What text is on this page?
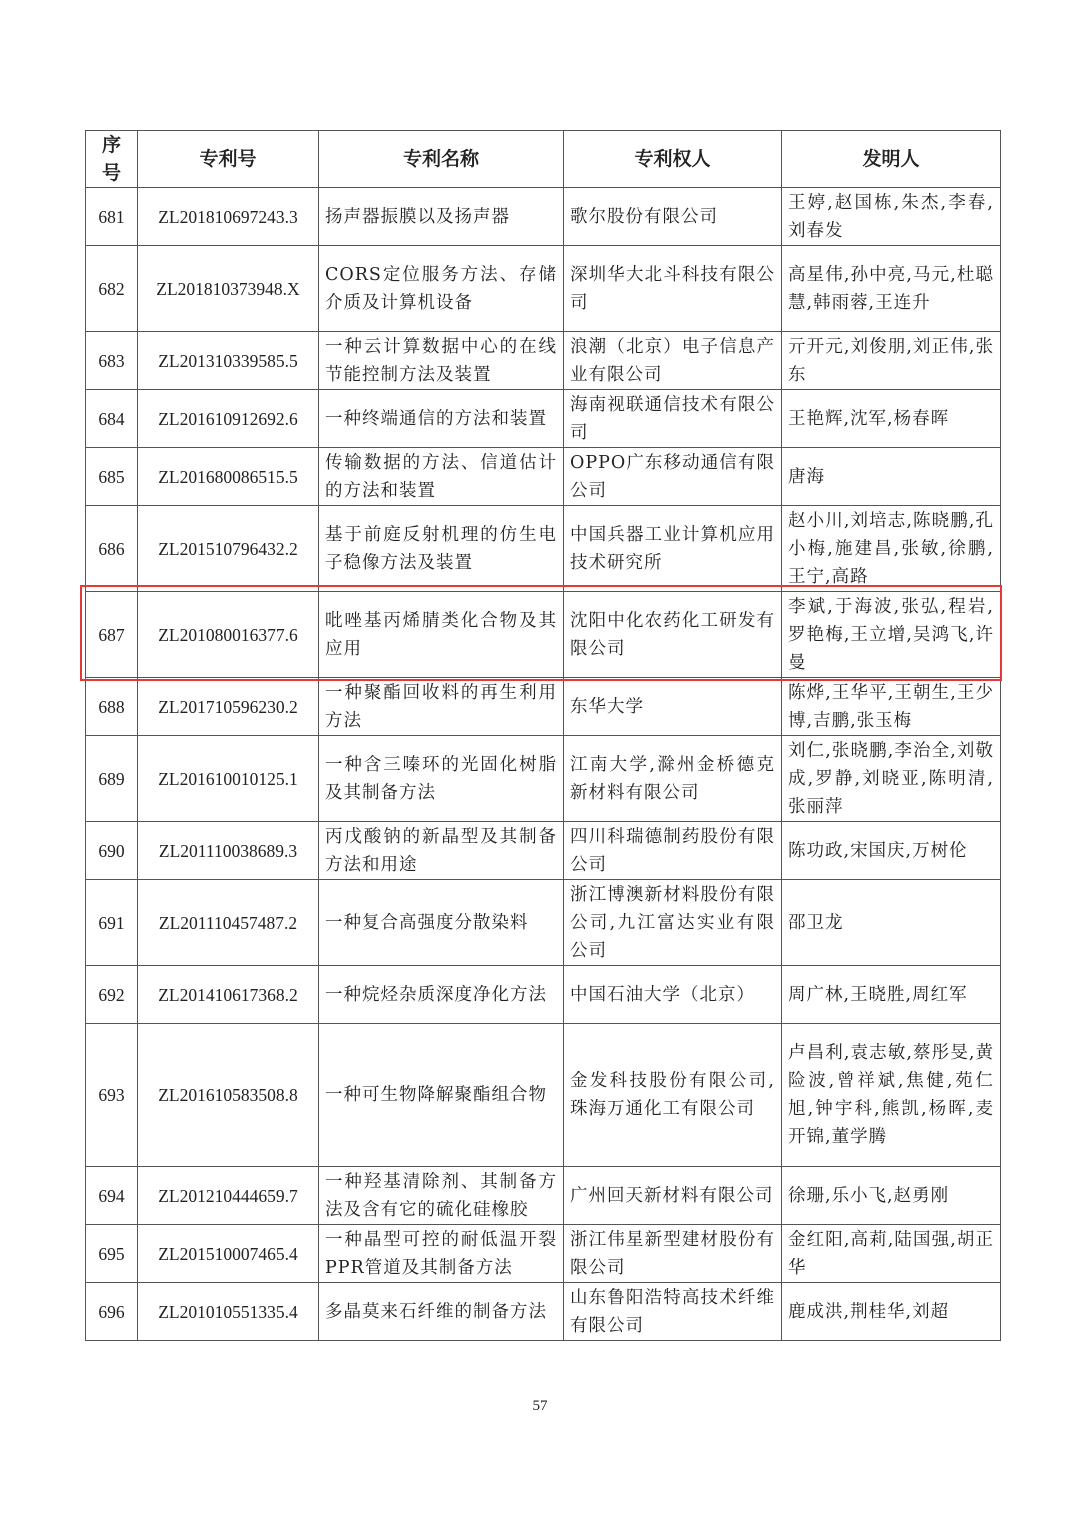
序
号	专利号	专利名称	专利权人	发明人
681	ZL201810697243.3	扬声器振膜以及扬声器	歌尔股份有限公司	王婷,赵国栋,朱杰,李春,刘春发
682	ZL201810373948.X	CORS定位服务方法、存储介质及计算机设备	深圳华大北斗科技有限公司	高星伟,孙中亮,马元,杜聪慧,韩雨蓉,王连升
683	ZL201310339585.5	一种云计算数据中心的在线节能控制方法及装置	浪潮（北京）电子信息产业有限公司	亓开元,刘俊朋,刘正伟,张东
684	ZL201610912692.6	一种终端通信的方法和装置	海南视联通信技术有限公司	王艳辉,沈军,杨春晖
685	ZL201680086515.5	传输数据的方法、信道估计的方法和装置	OPPO广东移动通信有限公司	唐海
686	ZL201510796432.2	基于前庭反射机理的仿生电子稳像方法及装置	中国兵器工业计算机应用技术研究所	赵小川,刘培志,陈晓鹏,孔小梅,施建昌,张敏,徐鹏,王宁,高路
687	ZL201080016377.6	吡唑基丙烯腈类化合物及其应用	沈阳中化农药化工研发有限公司	李斌,于海波,张弘,程岩,罗艳梅,王立增,吴鸿飞,许曼
688	ZL201710596230.2	一种聚酯回收料的再生利用方法	东华大学	陈烨,王华平,王朝生,王少博,吉鹏,张玉梅
689	ZL201610010125.1	一种含三嗪环的光固化树脂及其制备方法	江南大学,滁州金桥德克新材料有限公司	刘仁,张晓鹏,李治全,刘敬成,罗静,刘晓亚,陈明清,张丽萍
690	ZL201110038689.3	丙戊酸钠的新晶型及其制备方法和用途	四川科瑞德制药股份有限公司	陈功政,宋国庆,万树伦
691	ZL201110457487.2	一种复合高强度分散染料	浙江博澳新材料股份有限公司,九江富达实业有限公司	邵卫龙
692	ZL201410617368.2	一种烷烃杂质深度净化方法	中国石油大学（北京）	周广林,王晓胜,周红军
693	ZL201610583508.8	一种可生物降解聚酯组合物	金发科技股份有限公司,珠海万通化工有限公司	卢昌利,袁志敏,蔡彤旻,黄险波,曾祥斌,焦健,苑仁旭,钟宇科,熊凯,杨晖,麦开锦,董学腾
694	ZL201210444659.7	一种羟基清除剂、其制备方法及含有它的硫化硅橡胶	广州回天新材料有限公司	徐珊,乐小飞,赵勇刚
695	ZL201510007465.4	一种晶型可控的耐低温开裂PPR管道及其制备方法	浙江伟星新型建材股份有限公司	金红阳,高莉,陆国强,胡正华
696	ZL201010551335.4	多晶莫来石纤维的制备方法	山东鲁阳浩特高技术纤维有限公司	鹿成洪,荆桂华,刘超
57
